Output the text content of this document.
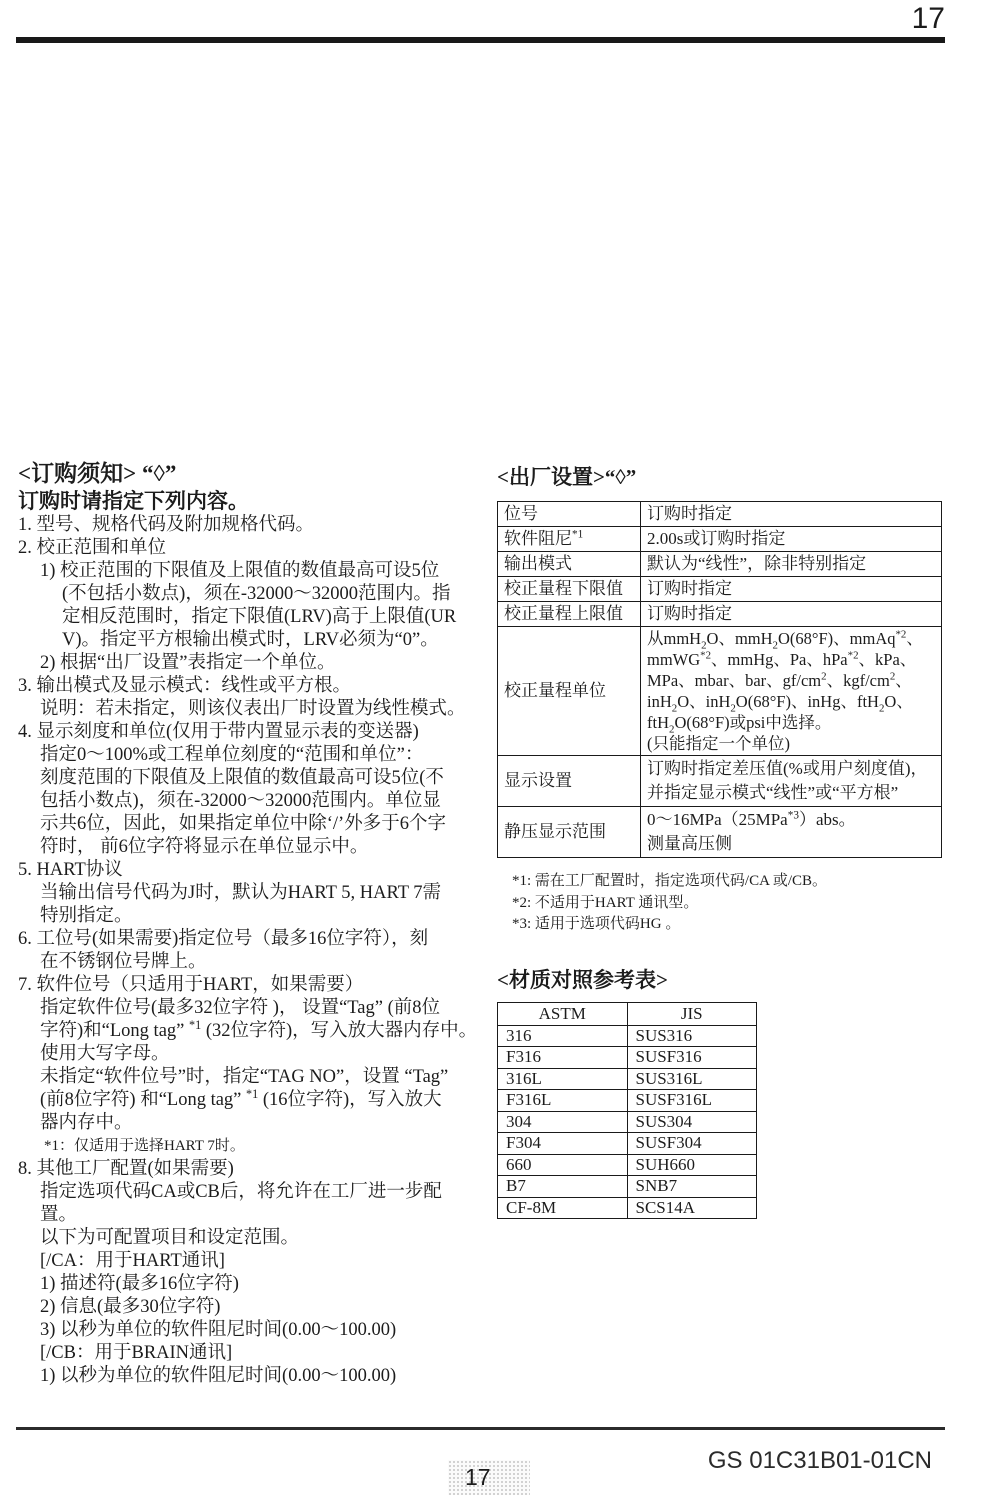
17
<订购须知> “◊”
订购时请指定下列内容。
1. 型号、规格代码及附加规格代码。
2. 校正范围和单位
1) 校正范围的下限值及上限值的数值最高可设5位
(不包括小数点)，须在-32000～32000范围内。指
定相反范围时，指定下限值(LRV)高于上限值(UR
V)。指定平方根输出模式时，LRV必须为“0”。
2) 根据“出厂设置”表指定一个单位。
3. 输出模式及显示模式：线性或平方根。
说明：若未指定，则该仪表出厂时设置为线性模式。
4. 显示刻度和单位(仅用于带内置显示表的变送器)
指定0～100%或工程单位刻度的“范围和单位”：
刻度范围的下限值及上限值的数值最高可设5位(不
包括小数点)，须在-32000～32000范围内。单位显
示共6位，因此，如果指定单位中除‘/’外多于6个字
符时， 前6位字符将显示在单位显示中。
5. HART协议
当输出信号代码为J时，默认为HART 5, HART 7需
特别指定。
6. 工位号(如果需要)指定位号（最多16位字符），刻
在不锈钢位号牌上。
7. 软件位号（只适用于HART，如果需要）
指定软件位号(最多32位字符 )， 设置“Tag” (前8位
字符)和“Long tag” $^{*1}$ (32位字符)，写入放大器内存中。
使用大写字母。
未指定“软件位号”时，指定“TAG NO”，设置 “Tag”
(前8位字符) 和“Long tag” $^{*1}$ (16位字符)，写入放大
器内存中。
*1：仅适用于选择HART 7时。
8. 其他工厂配置(如果需要)
指定选项代码CA或CB后，将允许在工厂进一步配
置。
以下为可配置项目和设定范围。
[/CA：用于HART通讯]
1) 描述符(最多16位字符)
2) 信息(最多30位字符)
3) 以秒为单位的软件阻尼时间(0.00～100.00)
[/CB：用于BRAIN通讯]
1) 以秒为单位的软件阻尼时间(0.00～100.00)
<出厂设置>“◊”
位号	订购时指定
软件阻尼$^{*1}$	2.00s或订购时指定
输出模式	默认为“线性”，除非特别指定
校正量程下限值	订购时指定
校正量程上限值	订购时指定
校正量程单位	从mmH$_2$O、mmH$_2$O(68°F)、mmAq$^{*2}$、
mmWG$^{*2}$、mmHg、Pa、hPa$^{*2}$、kPa、
MPa、mbar、bar、$gf/cm^2$、kgf/$cm^2$、
inH$_2$O、inH$_2$O(68°F)、inHg、ftH$_2$O、
ftH$_2$O(68°F)或psi中选择。
(只能指定一个单位)
显示设置	订购时指定差压值(%或用户刻度值)，
并指定显示模式“线性”或“平方根”
静压显示范围	0～16MPa（25MPa$^{*3}$）abs。
测量高压侧
*1: 需在工厂配置时，指定选项代码/CA 或/CB。
*2: 不适用于HART 通讯型。
*3: 适用于选项代码HG 。
<材质对照参考表>
ASTM	JIS
316	SUS316
F316	SUSF316
316L	SUS316L
F316L	SUSF316L
304	SUS304
F304	SUSF304
660	SUH660
B7	SNB7
CF-8M	SCS14A
GS 01C31B01-01CN
17
